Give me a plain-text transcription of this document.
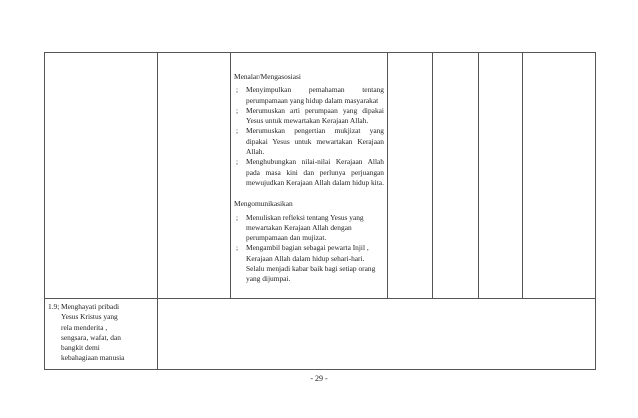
Menalar/Mengasosiasi

; Menyimpulkan pemahaman tentang perumpamaan yang hidup dalam masyarakat
; Merumuskan arti perumpaan yang dipakai Yesus untuk mewartakan Kerajaan Allah.
; Merumuskan pengertian mukjizat yang dipakai Yesus untuk mewartakan Kerajaan Allah.
; Menghubungkan nilai-nilai Kerajaan Allah pada masa kini dan perlunya perjuangan mewujudkan Kerajaan Allah dalam hidup kita.

Mengomunikasikan

; Menuliskan refleksi tentang Yesus yang mewartakan Kerajaan Allah dengan perumpamaan dan mujizat.
; Mengambil bagian sebagai pewarta Injil , Kerajaan Allah dalam hidup sehari-hari. Selalu menjadi kabar baik bagi setiap orang yang dijumpai.
1.9; Menghayati pribadi
Yesus Kristus yang
rela menderita ,
sengsara, wafat, dan
bangkit demi
kebahagiaan manusia
- 29 -
